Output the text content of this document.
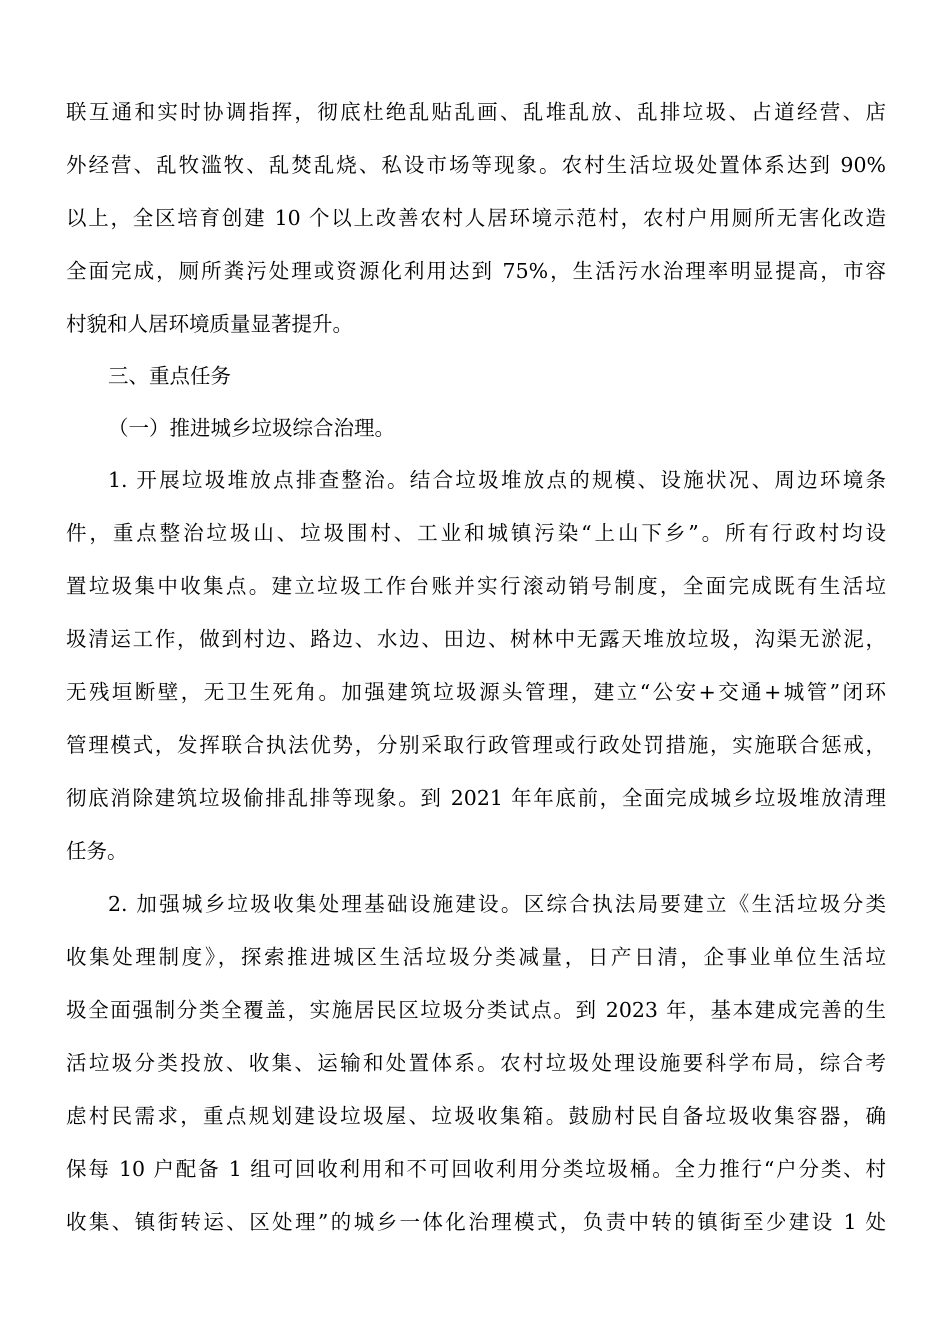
联互通和实时协调指挥，彻底杜绝乱贴乱画、乱堆乱放、乱排垃圾、占道经营、店
外经营、乱牧滥牧、乱焚乱烧、私设市场等现象。农村生活垃圾处置体系达到 90%
以上，全区培育创建 10 个以上改善农村人居环境示范村，农村户用厕所无害化改造
全面完成，厕所粪污处理或资源化利用达到 75%，生活污水治理率明显提高，市容
村貌和人居环境质量显著提升。
三、重点任务
（一）推进城乡垃圾综合治理。
1. 开展垃圾堆放点排查整治。结合垃圾堆放点的规模、设施状况、周边环境条
件，重点整治垃圾山、垃圾围村、工业和城镇污染“上山下乡”。所有行政村均设
置垃圾集中收集点。建立垃圾工作台账并实行滚动销号制度，全面完成既有生活垃
圾清运工作，做到村边、路边、水边、田边、树林中无露天堆放垃圾，沟渠无淤泥，
无残垣断壁，无卫生死角。加强建筑垃圾源头管理，建立“公安+交通+城管”闭环
管理模式，发挥联合执法优势，分别采取行政管理或行政处罚措施，实施联合惩戒，
彻底消除建筑垃圾偷排乱排等现象。到 2021 年年底前，全面完成城乡垃圾堆放清理
任务。
2. 加强城乡垃圾收集处理基础设施建设。区综合执法局要建立《生活垃圾分类
收集处理制度》，探索推进城区生活垃圾分类减量，日产日清，企事业单位生活垃
圾全面强制分类全覆盖，实施居民区垃圾分类试点。到 2023 年，基本建成完善的生
活垃圾分类投放、收集、运输和处置体系。农村垃圾处理设施要科学布局，综合考
虑村民需求，重点规划建设垃圾屋、垃圾收集箱。鼓励村民自备垃圾收集容器，确
保每 10 户配备 1 组可回收利用和不可回收利用分类垃圾桶。全力推行“户分类、村
收集、镇街转运、区处理”的城乡一体化治理模式，负责中转的镇街至少建设 1 处
